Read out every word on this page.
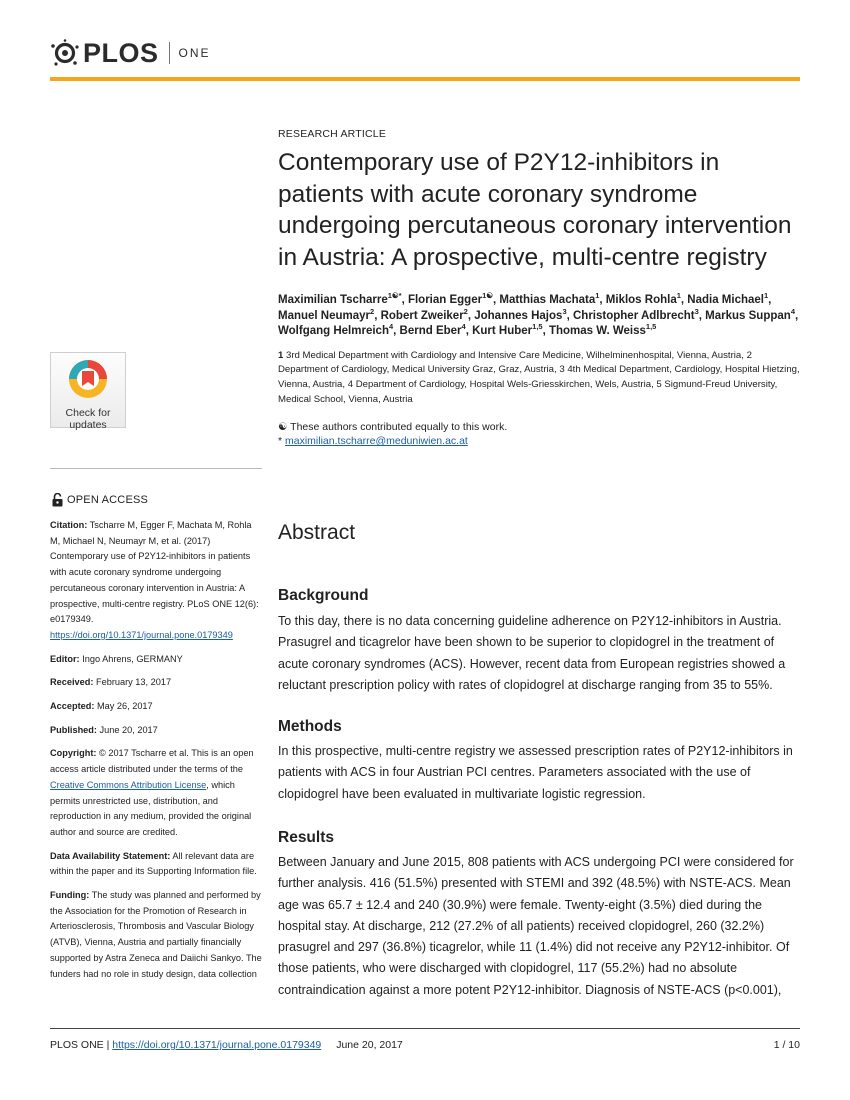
PLOS ONE
Check for updates
OPEN ACCESS

Citation: Tscharre M, Egger F, Machata M, Rohla M, Michael N, Neumayr M, et al. (2017) Contemporary use of P2Y12-inhibitors in patients with acute coronary syndrome undergoing percutaneous coronary intervention in Austria: A prospective, multi-centre registry. PLoS ONE 12(6): e0179349. https://doi.org/10.1371/journal.pone.0179349

Editor: Ingo Ahrens, GERMANY

Received: February 13, 2017

Accepted: May 26, 2017

Published: June 20, 2017

Copyright: © 2017 Tscharre et al. This is an open access article distributed under the terms of the Creative Commons Attribution License, which permits unrestricted use, distribution, and reproduction in any medium, provided the original author and source are credited.

Data Availability Statement: All relevant data are within the paper and its Supporting Information file.

Funding: The study was planned and performed by the Association for the Promotion of Research in Arteriosclerosis, Thrombosis and Vascular Biology (ATVB), Vienna, Austria and partially financially supported by Astra Zeneca and Daiichi Sankyo. The funders had no role in study design, data collection

RESEARCH ARTICLE

Contemporary use of P2Y12-inhibitors in patients with acute coronary syndrome undergoing percutaneous coronary intervention in Austria: A prospective, multi-centre registry

Maximilian Tscharre$^{1☯*}$, Florian Egger$^{1☯}$, Matthias Machata$^1$, Miklos Rohla$^1$, Nadia Michael$^1$, Manuel Neumayr$^2$, Robert Zweiker$^2$, Johannes Hajos$^3$, Christopher Adlbrecht$^3$, Markus Suppan$^4$, Wolfgang Helmreich$^4$, Bernd Eber$^4$, Kurt Huber$^{1,5}$, Thomas W. Weiss$^{1,5}$

1 3rd Medical Department with Cardiology and Intensive Care Medicine, Wilhelminenhospital, Vienna, Austria, 2 Department of Cardiology, Medical University Graz, Graz, Austria, 3 4th Medical Department, Cardiology, Hospital Hietzing, Vienna, Austria, 4 Department of Cardiology, Hospital Wels-Griesskirchen, Wels, Austria, 5 Sigmund-Freud University, Medical School, Vienna, Austria

☯ These authors contributed equally to this work.

* maximilian.tscharre@meduniwien.ac.at

Abstract
Background

To this day, there is no data concerning guideline adherence on P2Y12-inhibitors in Austria. Prasugrel and ticagrelor have been shown to be superior to clopidogrel in the treatment of acute coronary syndromes (ACS). However, recent data from European registries showed a reluctant prescription policy with rates of clopidogrel at discharge ranging from 35 to 55%.

Methods

In this prospective, multi-centre registry we assessed prescription rates of P2Y12-inhibitors in patients with ACS in four Austrian PCI centres. Parameters associated with the use of clopidogrel have been evaluated in multivariate logistic regression.

Results

Between January and June 2015, 808 patients with ACS undergoing PCI were considered for further analysis. 416 (51.5%) presented with STEMI and 392 (48.5%) with NSTE-ACS. Mean age was 65.7 ± 12.4 and 240 (30.9%) were female. Twenty-eight (3.5%) died during the hospital stay. At discharge, 212 (27.2% of all patients) received clopidogrel, 260 (32.2%) prasugrel and 297 (36.8%) ticagrelor, while 11 (1.4%) did not receive any P2Y12-inhibitor. Of those patients, who were discharged with clopidogrel, 117 (55.2%) had no absolute contraindication against a more potent P2Y12-inhibitor. Diagnosis of NSTE-ACS (p<0.001),

PLOS ONE | https://doi.org/10.1371/journal.pone.0179349 June 20, 2017	1 / 10
